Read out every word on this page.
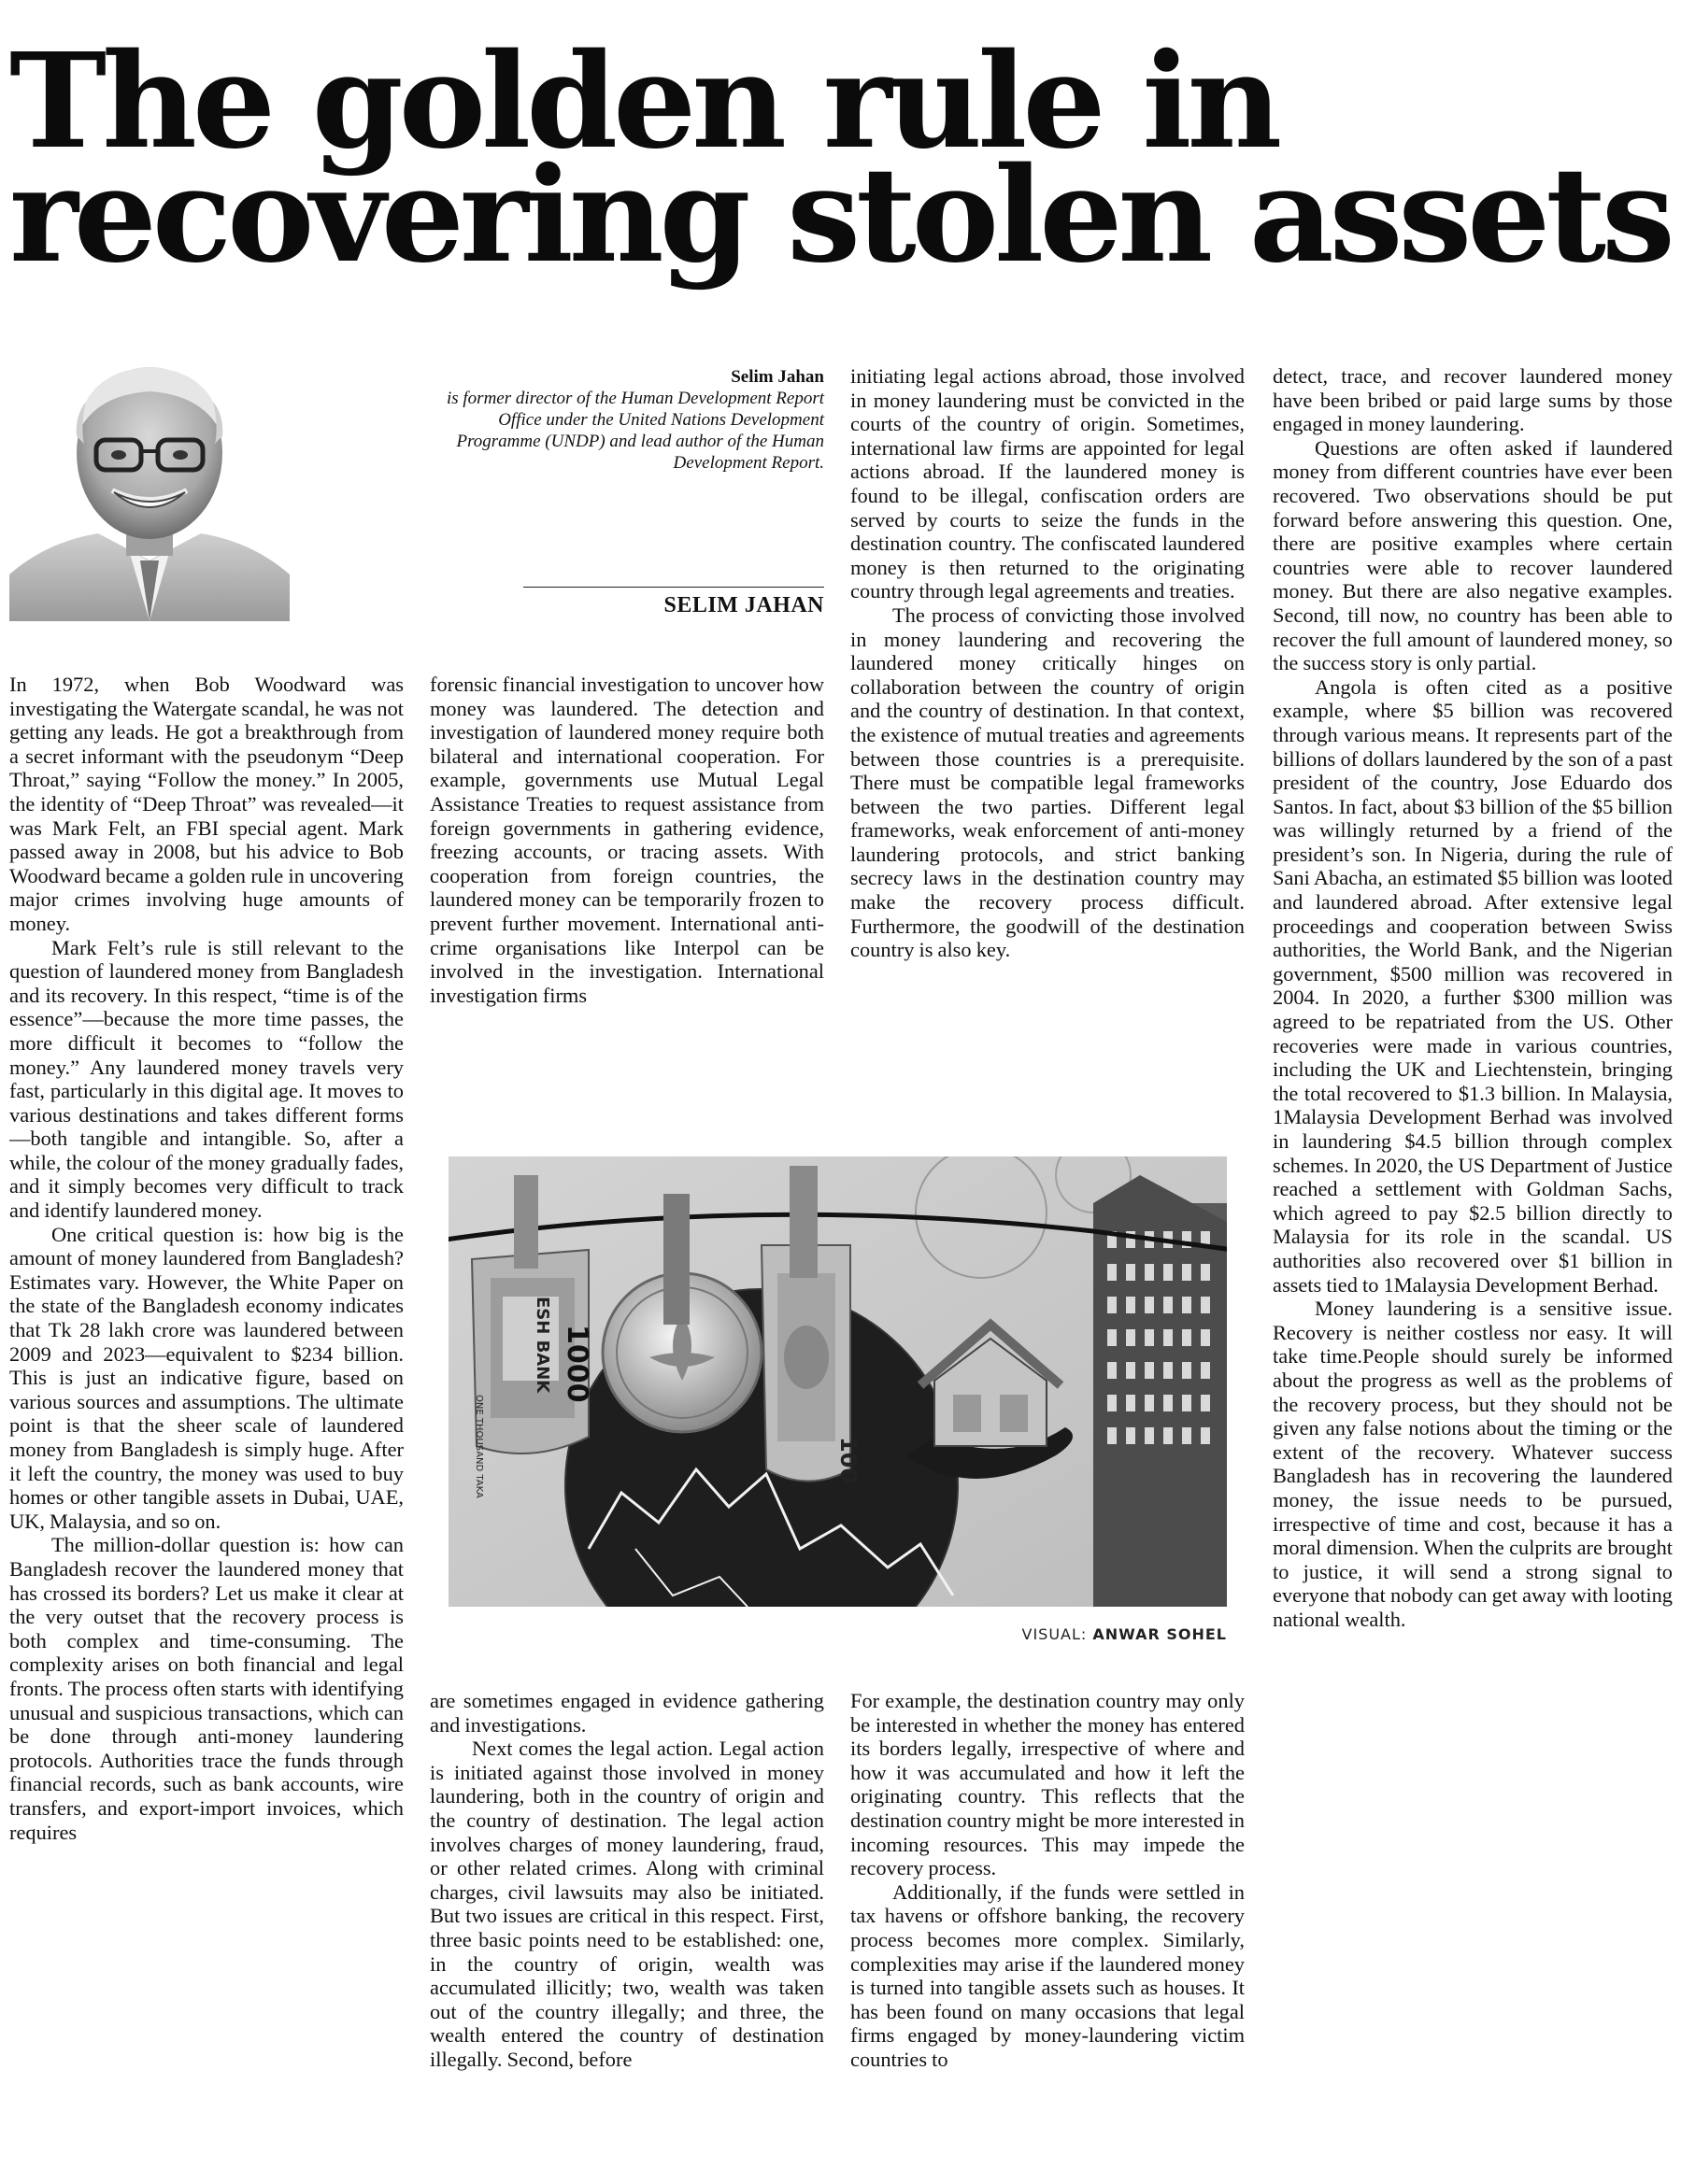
The golden rule in
recovering stolen assets
Selim Jahan
is former director of the Human Development Report Office under the United Nations Development Programme (UNDP) and lead author of the Human Development Report.
SELIM JAHAN

In 1972, when Bob Woodward was investigating the Watergate scandal, he was not getting any leads. He got a breakthrough from a secret informant with the pseudonym “Deep Throat,” saying “Follow the money.” In 2005, the identity of “Deep Throat” was revealed—it was Mark Felt, an FBI special agent. Mark passed away in 2008, but his advice to Bob Woodward became a golden rule in uncovering major crimes involving huge amounts of money.

Mark Felt’s rule is still relevant to the question of laundered money from Bangladesh and its recovery. In this respect, “time is of the essence”—because the more time passes, the more difficult it becomes to “follow the money.” Any laundered money travels very fast, particularly in this digital age. It moves to various destinations and takes different forms—both tangible and intangible. So, after a while, the colour of the money gradually fades, and it simply becomes very difficult to track and identify laundered money.

One critical question is: how big is the amount of money laundered from Bangladesh? Estimates vary. However, the White Paper on the state of the Bangladesh economy indicates that Tk 28 lakh crore was laundered between 2009 and 2023—equivalent to $234 billion. This is just an indicative figure, based on various sources and assumptions. The ultimate point is that the sheer scale of laundered money from Bangladesh is simply huge. After it left the country, the money was used to buy homes or other tangible assets in Dubai, UAE, UK, Malaysia, and so on.

The million-dollar question is: how can Bangladesh recover the laundered money that has crossed its borders? Let us make it clear at the very outset that the recovery process is both complex and time-consuming. The complexity arises on both financial and legal fronts. The process often starts with identifying unusual and suspicious transactions, which can be done through anti-money laundering protocols. Authorities trace the funds through financial records, such as bank accounts, wire transfers, and export-import invoices, which requires

forensic financial investigation to uncover how money was laundered. The detection and investigation of laundered money require both bilateral and international cooperation. For example, governments use Mutual Legal Assistance Treaties to request assistance from foreign governments in gathering evidence, freezing accounts, or tracing assets. With cooperation from foreign countries, the laundered money can be temporarily frozen to prevent further movement. International anti-crime organisations like Interpol can be involved in the investigation. International investigation firms

initiating legal actions abroad, those involved in money laundering must be convicted in the courts of the country of origin. Sometimes, international law firms are appointed for legal actions abroad. If the laundered money is found to be illegal, confiscation orders are served by courts to seize the funds in the destination country. The confiscated laundered money is then returned to the originating country through legal agreements and treaties.

The process of convicting those involved in money laundering and recovering the laundered money critically hinges on collaboration between the country of origin and the country of destination. In that context, the existence of mutual treaties and agreements between those countries is a prerequisite. There must be compatible legal frameworks between the two parties. Different legal frameworks, weak enforcement of anti-money laundering protocols, and strict banking secrecy laws in the destination country may make the recovery process difficult. Furthermore, the goodwill of the destination country is also key.

ESH BANK 1000
ONE THOUSAND TAKA	100
VISUAL: ANWAR SOHEL

are sometimes engaged in evidence gathering and investigations.

Next comes the legal action. Legal action is initiated against those involved in money laundering, both in the country of origin and the country of destination. The legal action involves charges of money laundering, fraud, or other related crimes. Along with criminal charges, civil lawsuits may also be initiated. But two issues are critical in this respect. First, three basic points need to be established: one, in the country of origin, wealth was accumulated illicitly; two, wealth was taken out of the country illegally; and three, the wealth entered the country of destination illegally. Second, before

For example, the destination country may only be interested in whether the money has entered its borders legally, irrespective of where and how it was accumulated and how it left the originating country. This reflects that the destination country might be more interested in incoming resources. This may impede the recovery process.

Additionally, if the funds were settled in tax havens or offshore banking, the recovery process becomes more complex. Similarly, complexities may arise if the laundered money is turned into tangible assets such as houses. It has been found on many occasions that legal firms engaged by money-laundering victim countries to

detect, trace, and recover laundered money have been bribed or paid large sums by those engaged in money laundering.

Questions are often asked if laundered money from different countries have ever been recovered. Two observations should be put forward before answering this question. One, there are positive examples where certain countries were able to recover laundered money. But there are also negative examples. Second, till now, no country has been able to recover the full amount of laundered money, so the success story is only partial.

Angola is often cited as a positive example, where $5 billion was recovered through various means. It represents part of the billions of dollars laundered by the son of a past president of the country, Jose Eduardo dos Santos. In fact, about $3 billion of the $5 billion was willingly returned by a friend of the president’s son. In Nigeria, during the rule of Sani Abacha, an estimated $5 billion was looted and laundered abroad. After extensive legal proceedings and cooperation between Swiss authorities, the World Bank, and the Nigerian government, $500 million was recovered in 2004. In 2020, a further $300 million was agreed to be repatriated from the US. Other recoveries were made in various countries, including the UK and Liechtenstein, bringing the total recovered to $1.3 billion. In Malaysia, 1Malaysia Development Berhad was involved in laundering $4.5 billion through complex schemes. In 2020, the US Department of Justice reached a settlement with Goldman Sachs, which agreed to pay $2.5 billion directly to Malaysia for its role in the scandal. US authorities also recovered over $1 billion in assets tied to 1Malaysia Development Berhad.

Money laundering is a sensitive issue. Recovery is neither costless nor easy. It will take time.People should surely be informed about the progress as well as the problems of the recovery process, but they should not be given any false notions about the timing or the extent of the recovery. Whatever success Bangladesh has in recovering the laundered money, the issue needs to be pursued, irrespective of time and cost, because it has a moral dimension. When the culprits are brought to justice, it will send a strong signal to everyone that nobody can get away with looting national wealth.
